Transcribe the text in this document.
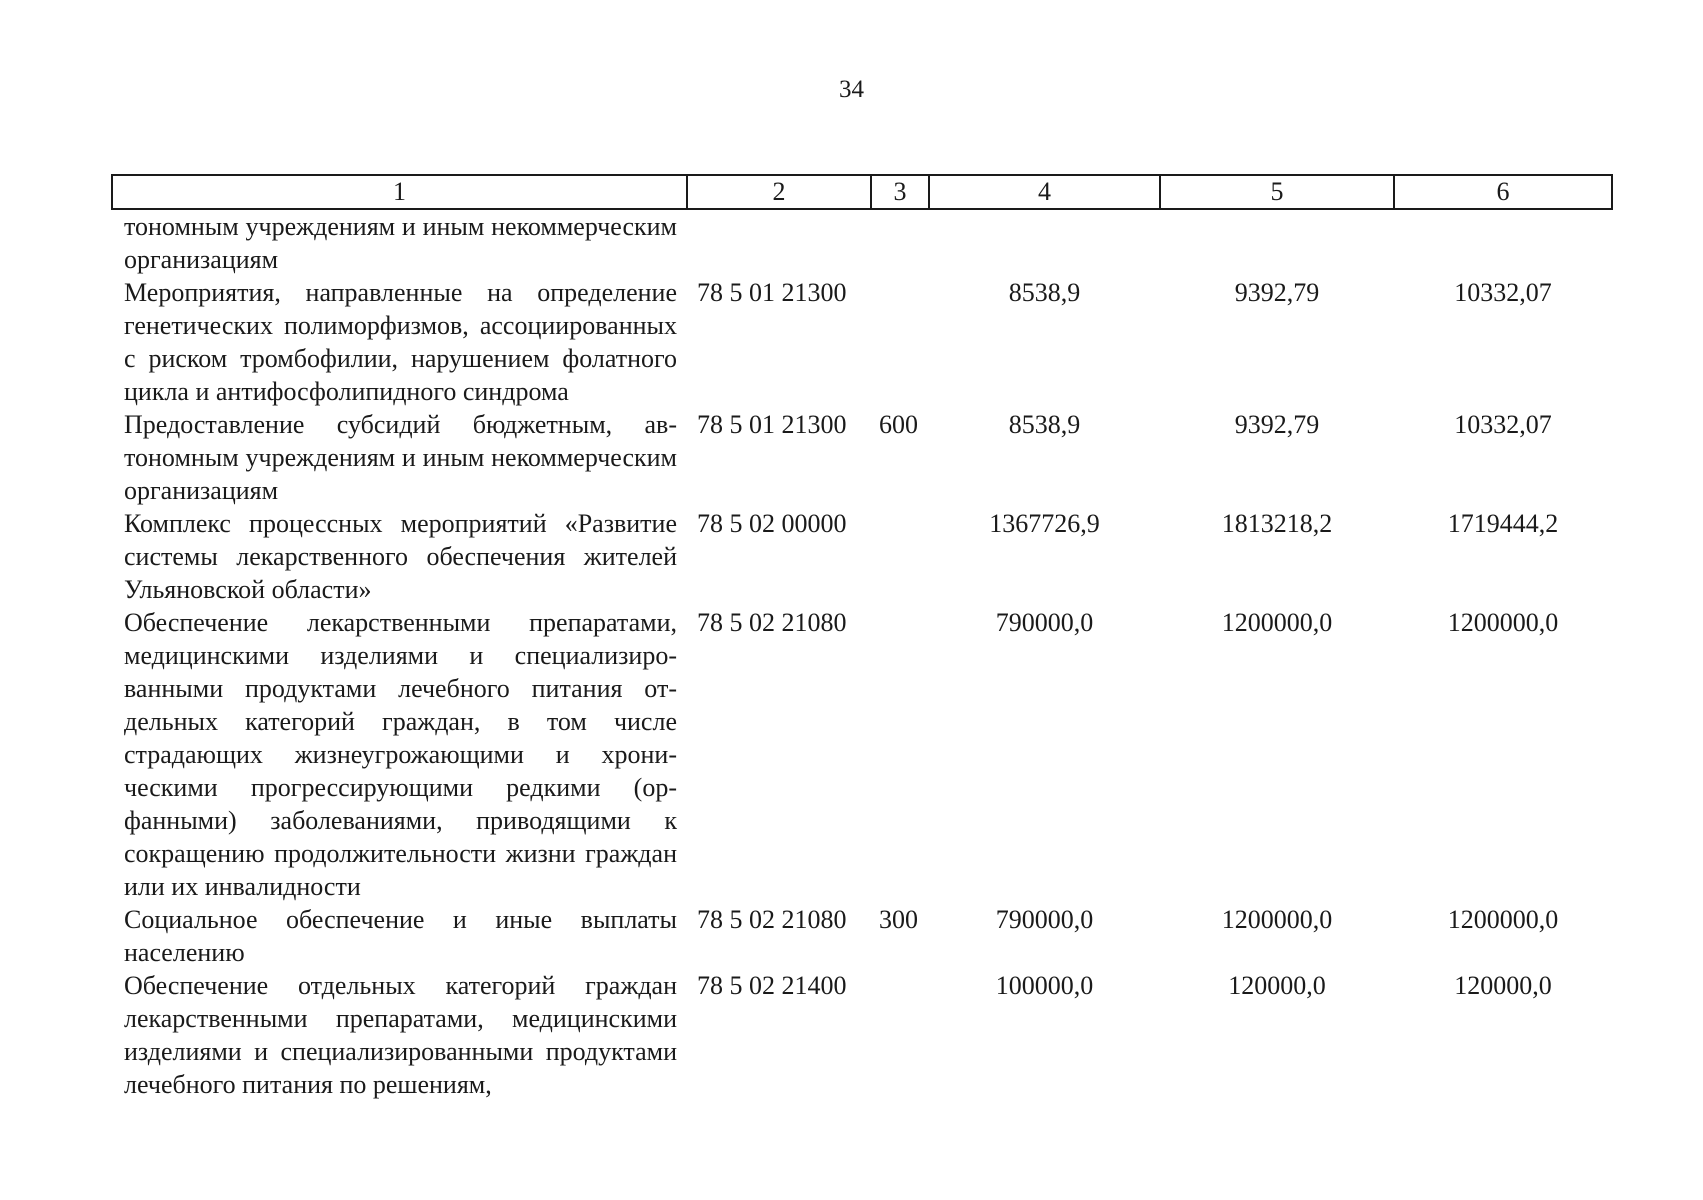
34
1	2	3	4	5	6
тономным учреждениям и иным некоммерческим организациям					
Мероприятия, направленные на определение генетических полиморфизмов, ассоциированных с риском тромбофилии, нарушением фолатного цикла и антифосфолипидного синдрома	78 5 01 21300		8538,9	9392,79	10332,07
Предоставление субсидий бюджетным, автономным учреждениям и иным некоммерческим организациям	78 5 01 21300	600	8538,9	9392,79	10332,07
Комплекс процессных мероприятий «Развитие системы лекарственного обеспечения жителей Ульяновской области»	78 5 02 00000		1367726,9	1813218,2	1719444,2
Обеспечение лекарственными препаратами, медицинскими изделиями и специализированными продуктами лечебного питания отдельных категорий граждан, в том числе страдающих жизнеугрожающими и хроническими прогрессирующими редкими (орфанными) заболеваниями, приводящими к сокращению продолжительности жизни граждан или их инвалидности	78 5 02 21080		790000,0	1200000,0	1200000,0
Социальное обеспечение и иные выплаты населению	78 5 02 21080	300	790000,0	1200000,0	1200000,0
Обеспечение отдельных категорий граждан лекарственными препаратами, медицинскими изделиями и специализированными продуктами лечебного питания по решениям,	78 5 02 21400		100000,0	120000,0	120000,0
